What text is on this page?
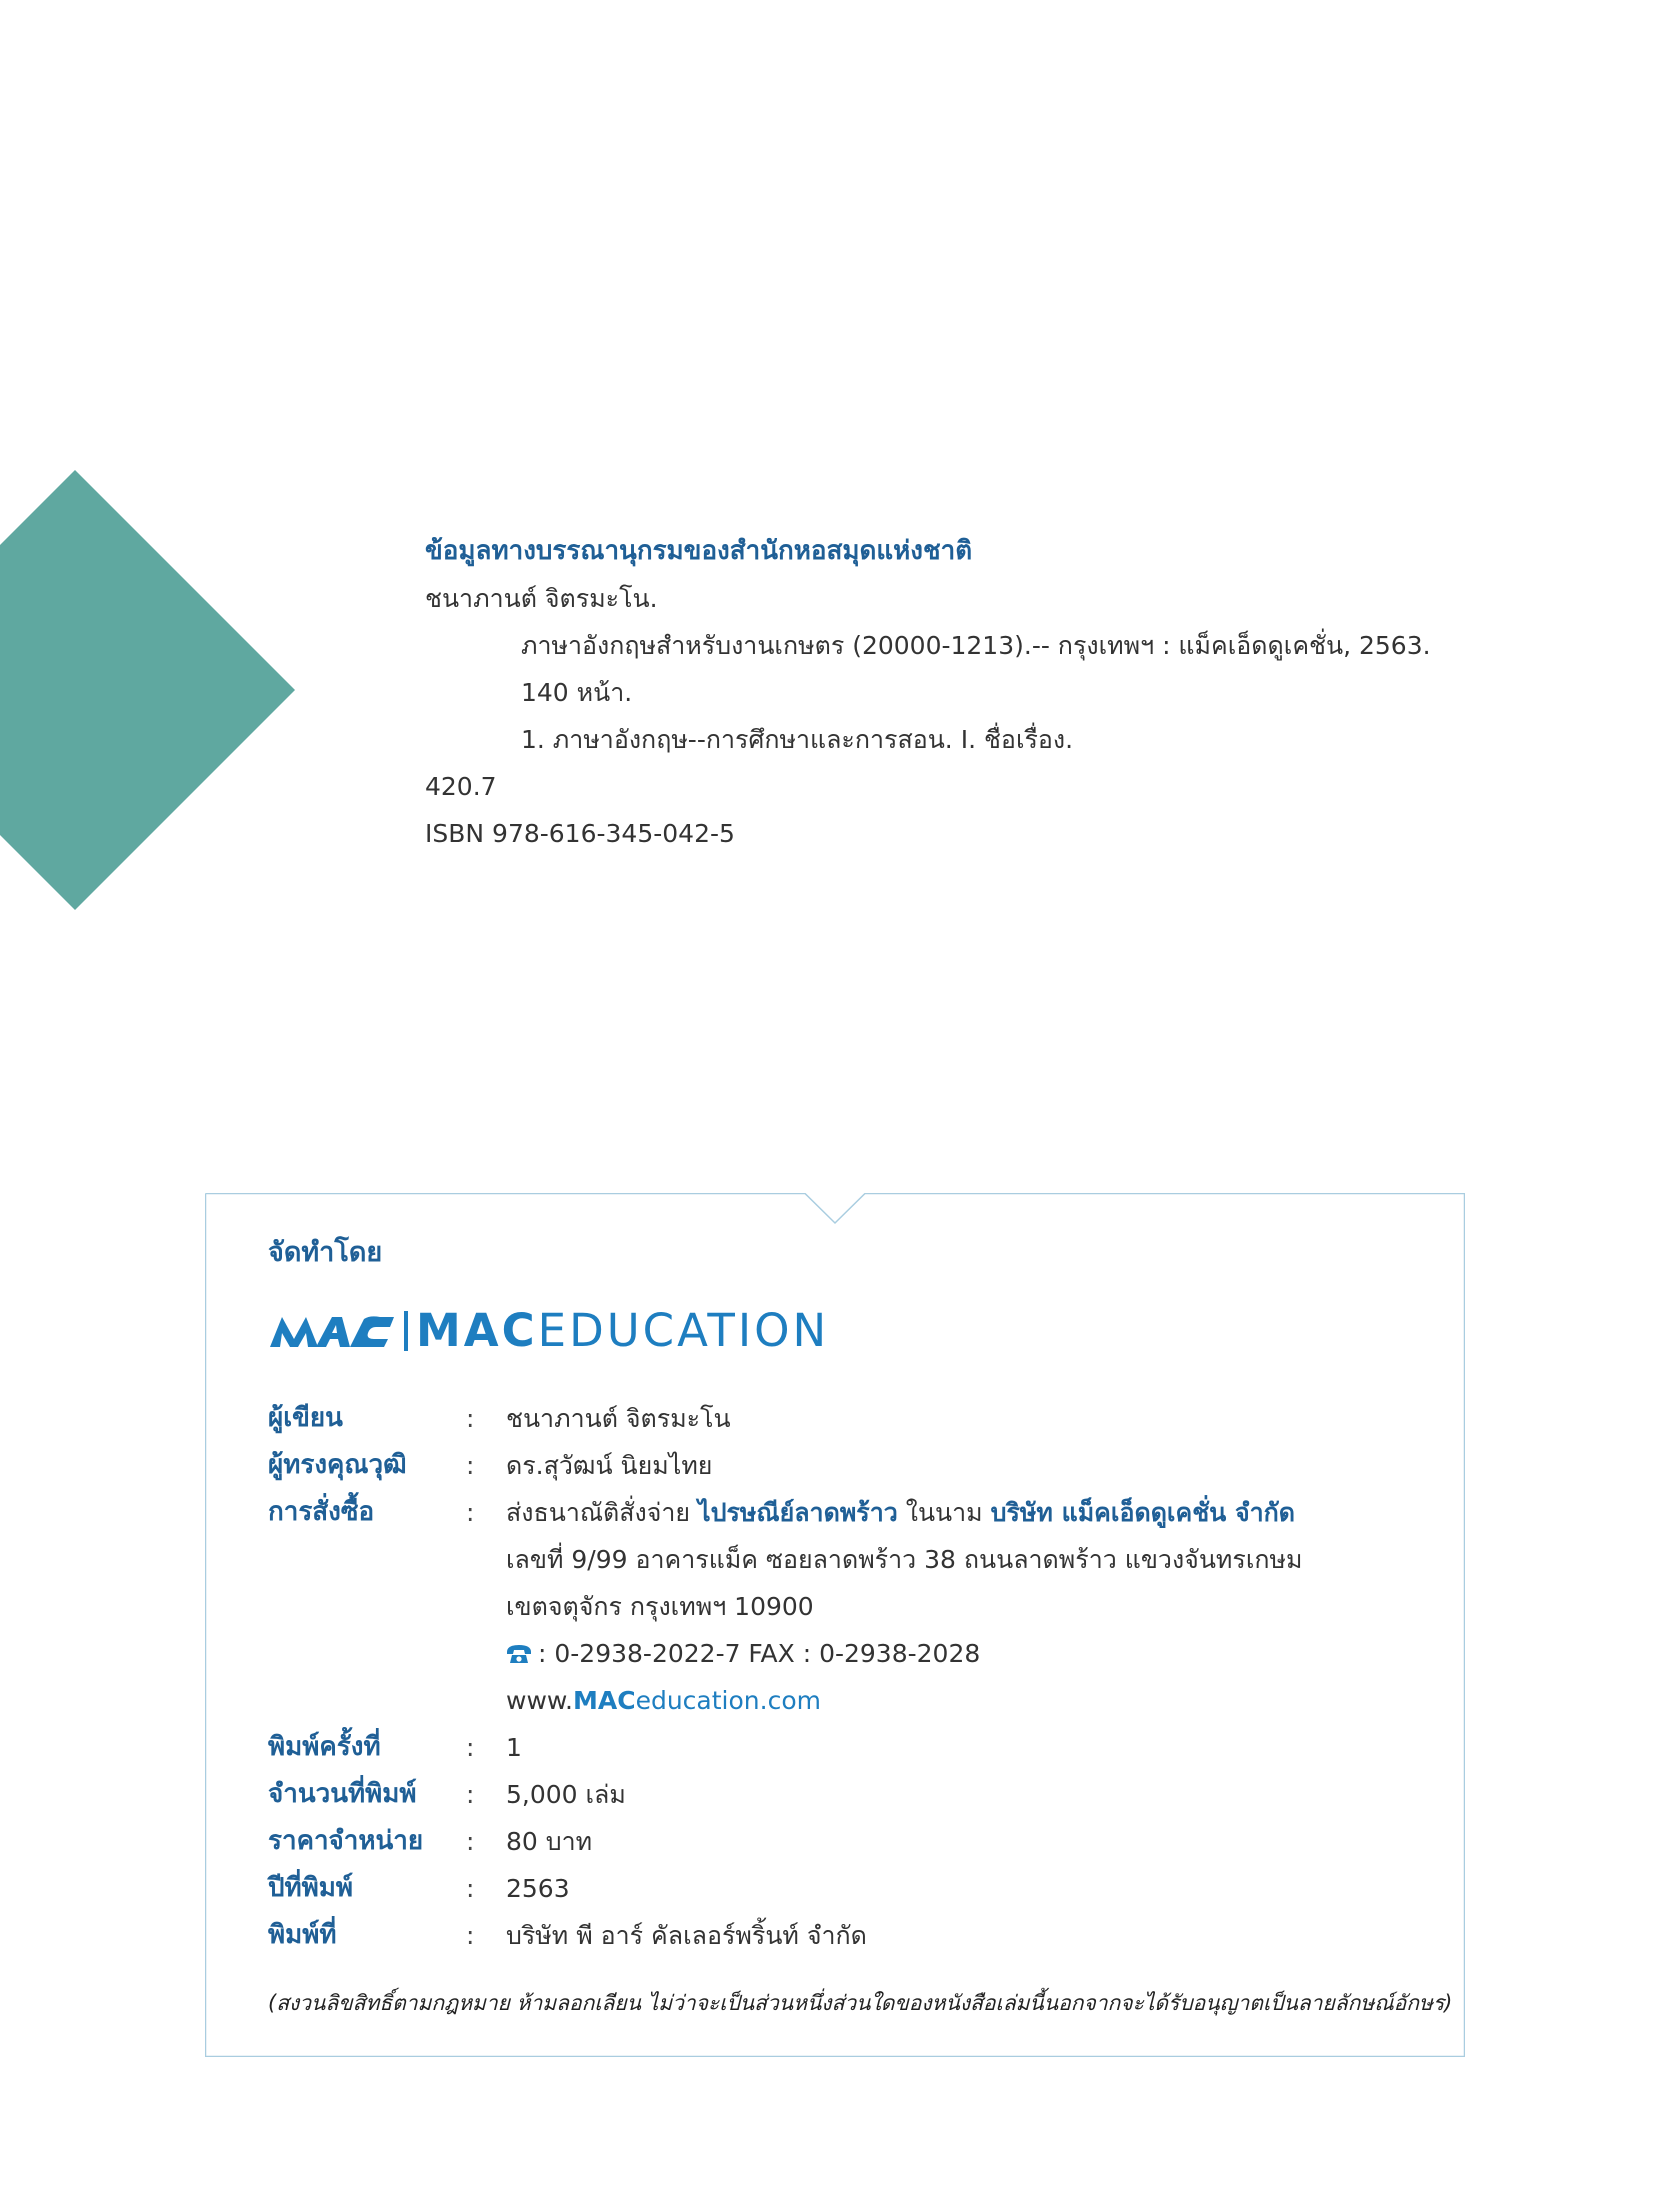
ข้อมูลทางบรรณานุกรมของสำนักหอสมุดแห่งชาติ
ชนาภานต์ จิตรมะโน.
ภาษาอังกฤษสำหรับงานเกษตร (20000-1213).-- กรุงเทพฯ : แม็คเอ็ดดูเคชั่น, 2563.
140 หน้า.
1. ภาษาอังกฤษ--การศึกษาและการสอน. I. ชื่อเรื่อง.
420.7
ISBN 978-616-345-042-5
จัดทำโดย
MACEDUCATION
ผู้เขียน	:	ชนาภานต์ จิตรมะโน
ผู้ทรงคุณวุฒิ	:	ดร.สุวัฒน์ นิยมไทย
การสั่งซื้อ	:	ส่งธนาณัติสั่งจ่าย ไปรษณีย์ลาดพร้าว ในนาม บริษัท แม็คเอ็ดดูเคชั่น จำกัด
เลขที่ 9/99 อาคารแม็ค ซอยลาดพร้าว 38 ถนนลาดพร้าว แขวงจันทรเกษม
เขตจตุจักร กรุงเทพฯ 10900
: 0-2938-2022-7 FAX : 0-2938-2028
www.MACeducation.com
พิมพ์ครั้งที่	:	1
จำนวนที่พิมพ์	:	5,000 เล่ม
ราคาจำหน่าย	:	80 บาท
ปีที่พิมพ์	:	2563
พิมพ์ที่	:	บริษัท พี อาร์ คัลเลอร์พริ้นท์ จำกัด
(สงวนลิขสิทธิ์ตามกฎหมาย ห้ามลอกเลียน ไม่ว่าจะเป็นส่วนหนึ่งส่วนใดของหนังสือเล่มนี้นอกจากจะได้รับอนุญาตเป็นลายลักษณ์อักษร)
